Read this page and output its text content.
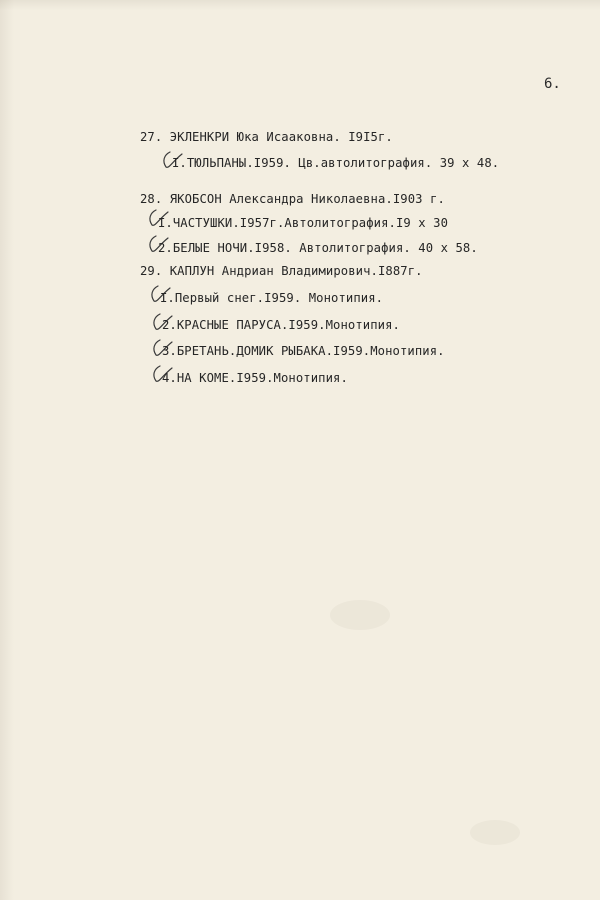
6.
27. ЭКЛЕНКРИ Юка Исааковна. I9I5г.
I.ТЮЛЬПАНЫ.I959. Цв.автолитография. 39 х 48.
28. ЯКОБСОН Александра Николаевна.I903 г.
I.ЧАСТУШКИ.I957г.Автолитография.I9 х 30
2.БЕЛЫЕ НОЧИ.I958. Автолитография. 40 х 58.
29. КАПЛУН Андриан Владимирович.I887г.
I.Первый снег.I959. Монотипия.
2.КРАСНЫЕ ПАРУСА.I959.Монотипия.
3.БРЕТАНЬ.ДОМИК РЫБАКА.I959.Монотипия.
4.НА КОМЕ.I959.Монотипия.
